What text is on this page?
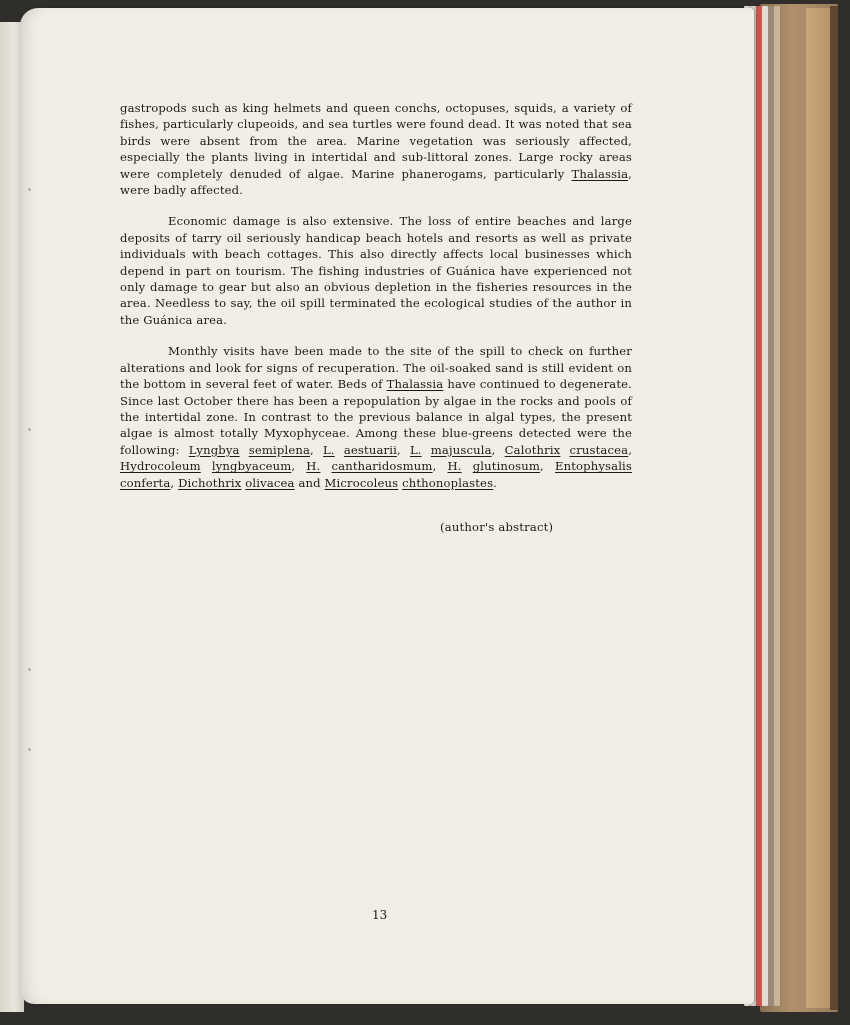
gastropods such as king helmets and queen conchs, octopuses, squids, a variety of fishes, particularly clupeoids, and sea turtles were found dead. It was noted that sea birds were absent from the area. Marine vegetation was seriously affected, especially the plants living in intertidal and sub-littoral zones. Large rocky areas were completely denuded of algae. Marine phanerogams, particularly Thalassia, were badly affected.

Economic damage is also extensive. The loss of entire beaches and large deposits of tarry oil seriously handicap beach hotels and resorts as well as private individuals with beach cottages. This also directly affects local businesses which depend in part on tourism. The fishing industries of Guánica have experienced not only damage to gear but also an obvious depletion in the fisheries resources in the area. Needless to say, the oil spill terminated the ecological studies of the author in the Guánica area.

Monthly visits have been made to the site of the spill to check on further alterations and look for signs of recuperation. The oil-soaked sand is still evident on the bottom in several feet of water. Beds of Thalassia have continued to degenerate. Since last October there has been a repopulation by algae in the rocks and pools of the intertidal zone. In contrast to the previous balance in algal types, the present algae is almost totally Myxophyceae. Among these blue-greens detected were the following: Lyngbya semiplena, L. aestuarii, L. majuscula, Calothrix crustacea, Hydrocoleum lyngbyaceum, H. cantharidosmum, H. glutinosum, Entophysalis conferta, Dichothrix olivacea and Microcoleus chthonoplastes.

(author's abstract)
13
